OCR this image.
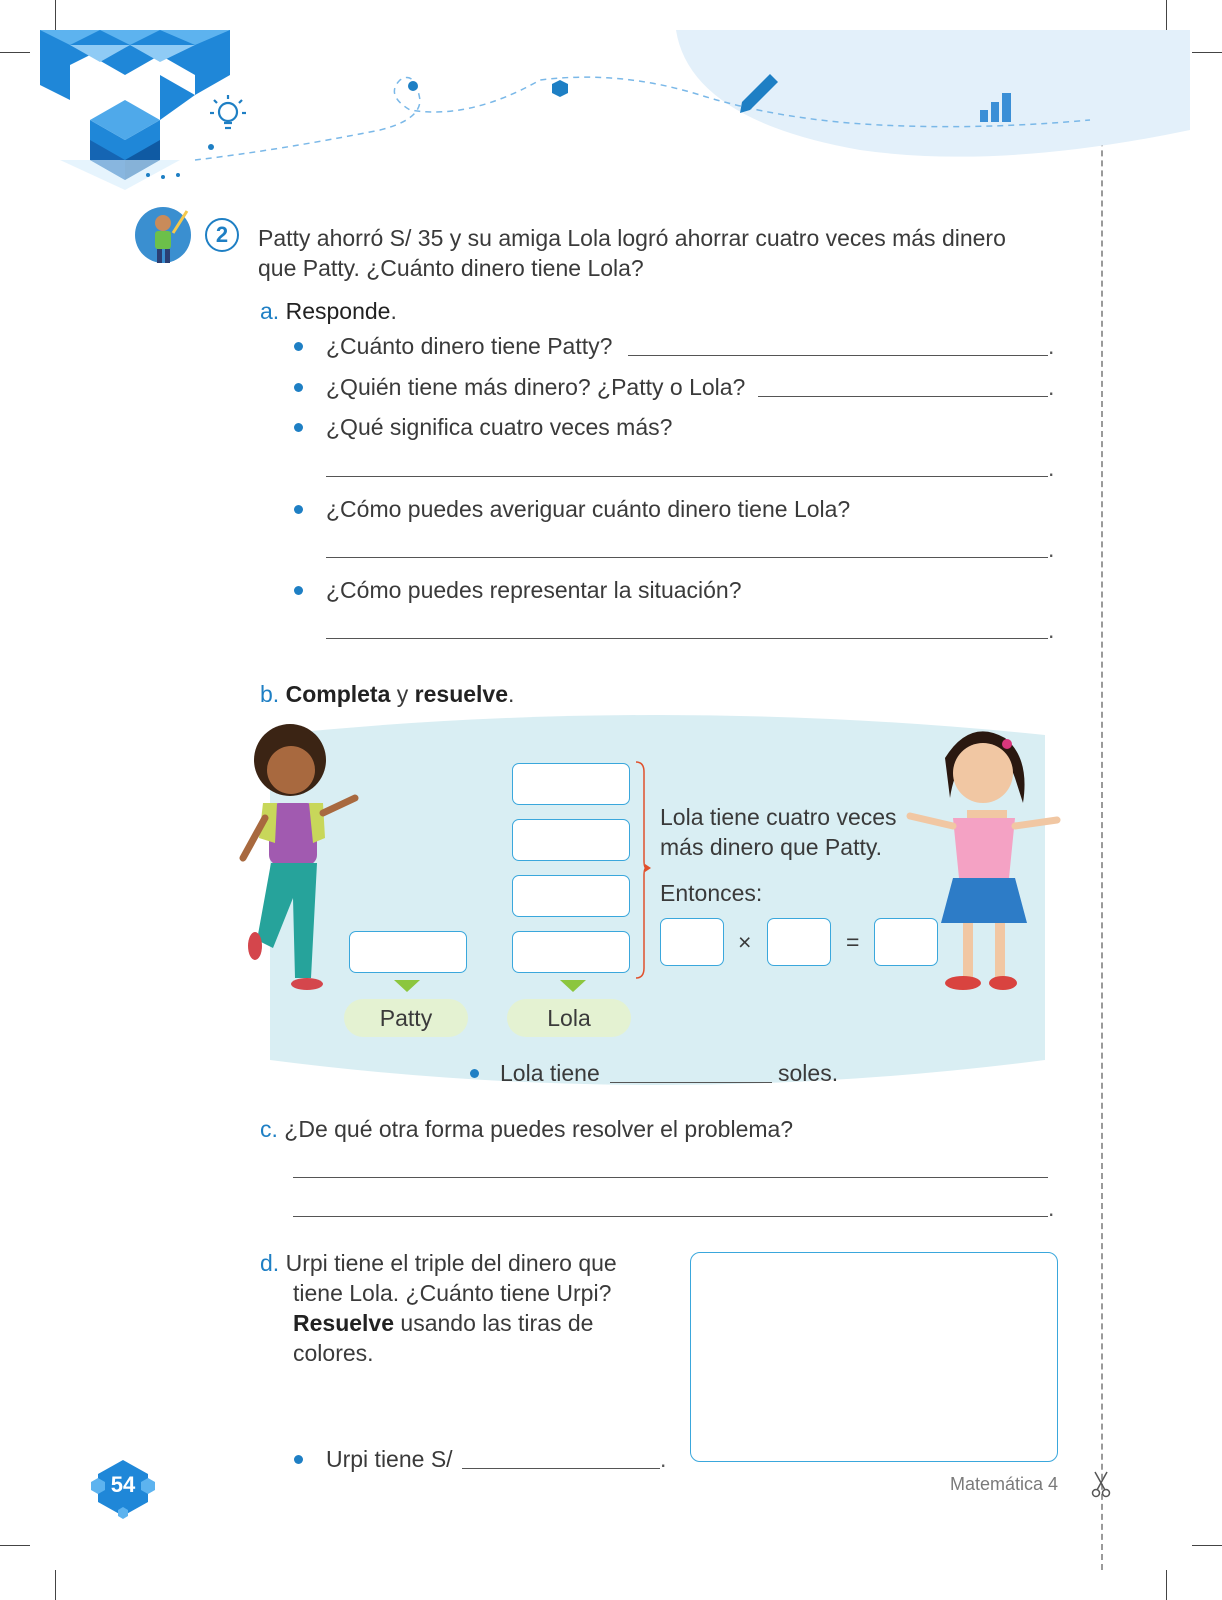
2	Patty ahorró S/ 35 y su amiga Lola logró ahorrar cuatro veces más dinero
que Patty. ¿Cuánto dinero tiene Lola?
a. Responde.
¿Cuánto dinero tiene Patty?	.
¿Quién tiene más dinero? ¿Patty o Lola?	.
¿Qué significa cuatro veces más?
.
¿Cómo puedes averiguar cuánto dinero tiene Lola?
.
¿Cómo puedes representar la situación?
.
b. Completa y resuelve.
Lola tiene cuatro veces
más dinero que Patty.
Entonces:
×	=
Patty	Lola
Lola tiene	soles.
c. ¿De qué otra forma puedes resolver el problema?
.
d. Urpi tiene el triple del dinero que
tiene Lola. ¿Cuánto tiene Urpi?
Resuelve usando las tiras de
colores.
Urpi tiene S/	.
54	Matemática 4
